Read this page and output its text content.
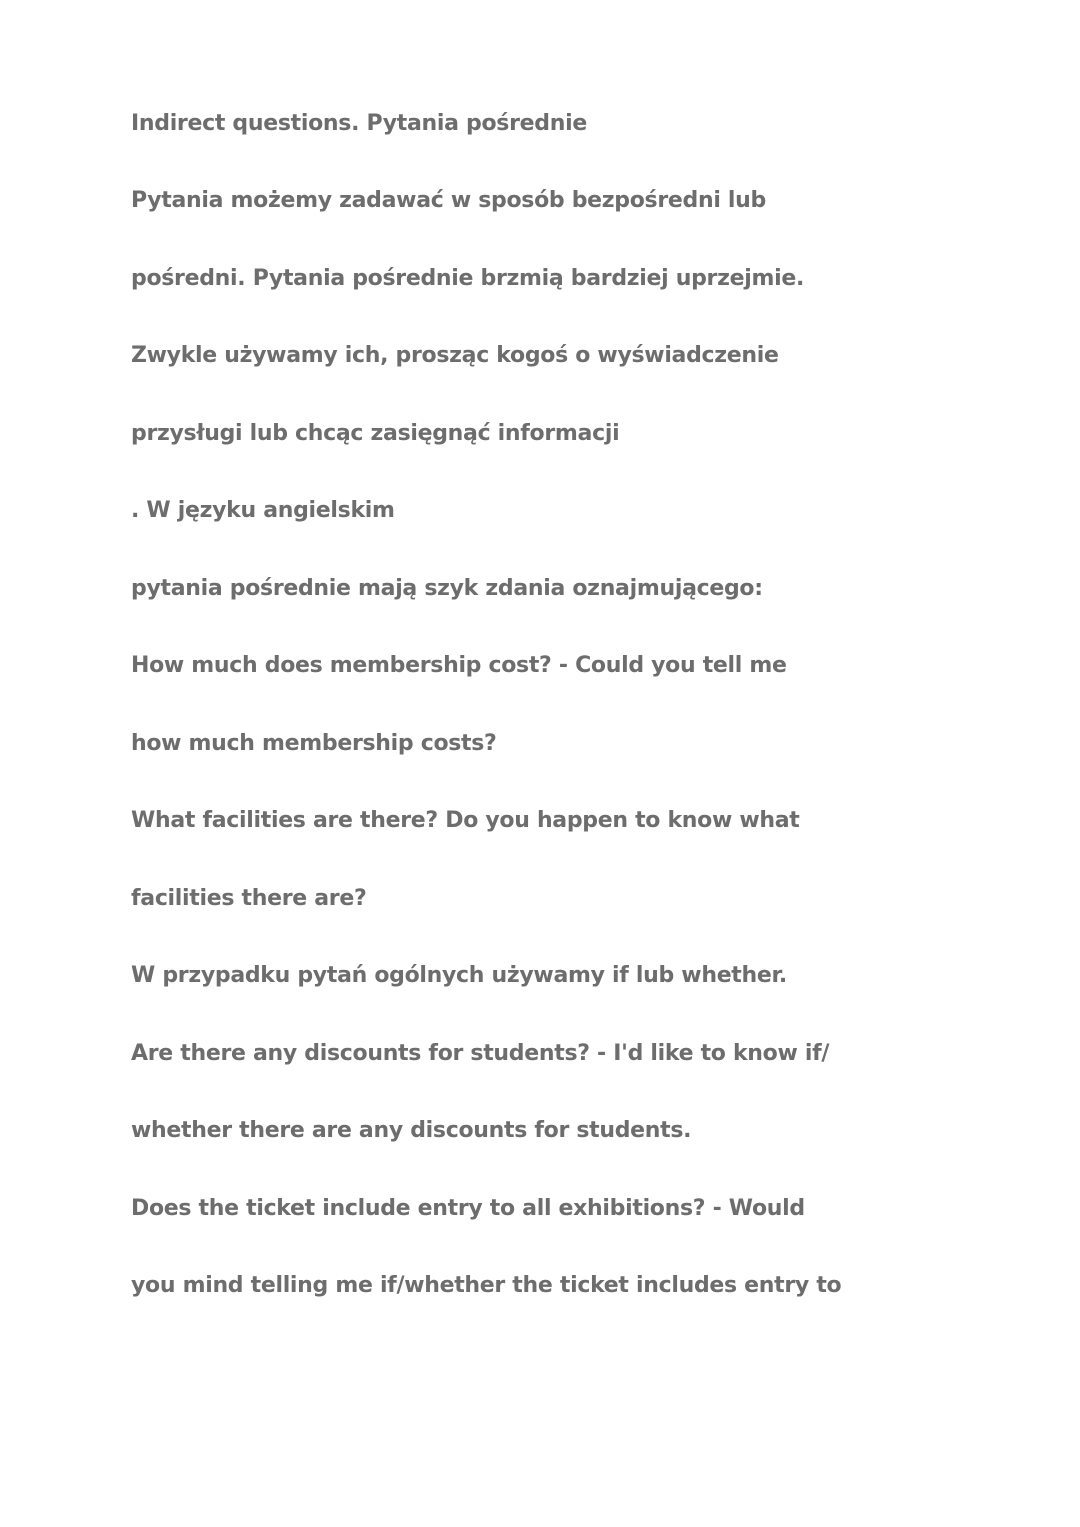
Indirect questions. Pytania pośrednie

Pytania możemy zadawać w sposób bezpośredni lub

pośredni. Pytania pośrednie brzmią bardziej uprzejmie.

Zwykle używamy ich, prosząc kogoś o wyświadczenie

przysługi lub chcąc zasięgnąć informacji

. W języku angielskim

pytania pośrednie mają szyk zdania oznajmującego:

How much does membership cost? - Could you tell me

how much membership costs?

What facilities are there? Do you happen to know what

facilities there are?

W przypadku pytań ogólnych używamy if lub whether.

Are there any discounts for students? - I'd like to know if/

whether there are any discounts for students.

Does the ticket include entry to all exhibitions? - Would

you mind telling me if/whether the ticket includes entry to
